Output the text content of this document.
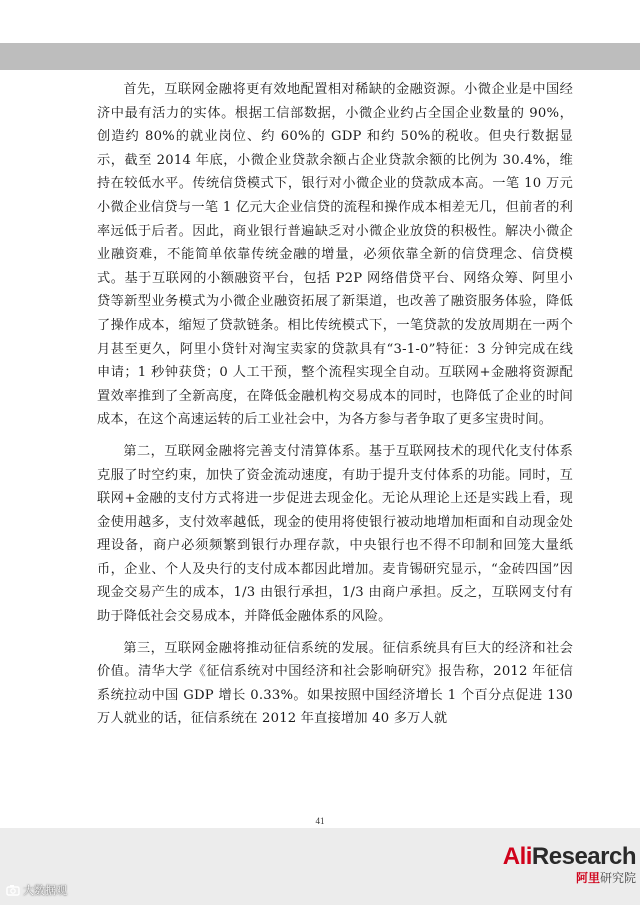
首先，互联网金融将更有效地配置相对稀缺的金融资源。小微企业是中国经济中最有活力的实体。根据工信部数据，小微企业约占全国企业数量的 90%，创造约 80%的就业岗位、约 60%的 GDP 和约 50%的税收。但央行数据显示，截至 2014 年底，小微企业贷款余额占企业贷款余额的比例为 30.4%，维持在较低水平。传统信贷模式下，银行对小微企业的贷款成本高。一笔 10 万元小微企业信贷与一笔 1 亿元大企业信贷的流程和操作成本相差无几，但前者的利率远低于后者。因此，商业银行普遍缺乏对小微企业放贷的积极性。解决小微企业融资难，不能简单依靠传统金融的增量，必须依靠全新的信贷理念、信贷模式。基于互联网的小额融资平台，包括 P2P 网络借贷平台、网络众筹、阿里小贷等新型业务模式为小微企业融资拓展了新渠道，也改善了融资服务体验，降低了操作成本，缩短了贷款链条。相比传统模式下，一笔贷款的发放周期在一两个月甚至更久，阿里小贷针对淘宝卖家的贷款具有“3-1-0”特征：3 分钟完成在线申请；1 秒钟获贷；0 人工干预，整个流程实现全自动。互联网+金融将资源配置效率推到了全新高度，在降低金融机构交易成本的同时，也降低了企业的时间成本，在这个高速运转的后工业社会中，为各方参与者争取了更多宝贵时间。

第二，互联网金融将完善支付清算体系。基于互联网技术的现代化支付体系克服了时空约束，加快了资金流动速度，有助于提升支付体系的功能。同时，互联网+金融的支付方式将进一步促进去现金化。无论从理论上还是实践上看，现金使用越多，支付效率越低，现金的使用将使银行被动地增加柜面和自动现金处理设备，商户必须频繁到银行办理存款，中央银行也不得不印制和回笼大量纸币，企业、个人及央行的支付成本都因此增加。麦肯锡研究显示，“金砖四国”因现金交易产生的成本，1/3 由银行承担，1/3 由商户承担。反之，互联网支付有助于降低社会交易成本，并降低金融体系的风险。

第三，互联网金融将推动征信系统的发展。征信系统具有巨大的经济和社会价值。清华大学《征信系统对中国经济和社会影响研究》报告称，2012 年征信系统拉动中国 GDP 增长 0.33%。如果按照中国经济增长 1 个百分点促进 130 万人就业的话，征信系统在 2012 年直接增加 40 多万人就

41
AliResearch
阿里研究院
大数据观
